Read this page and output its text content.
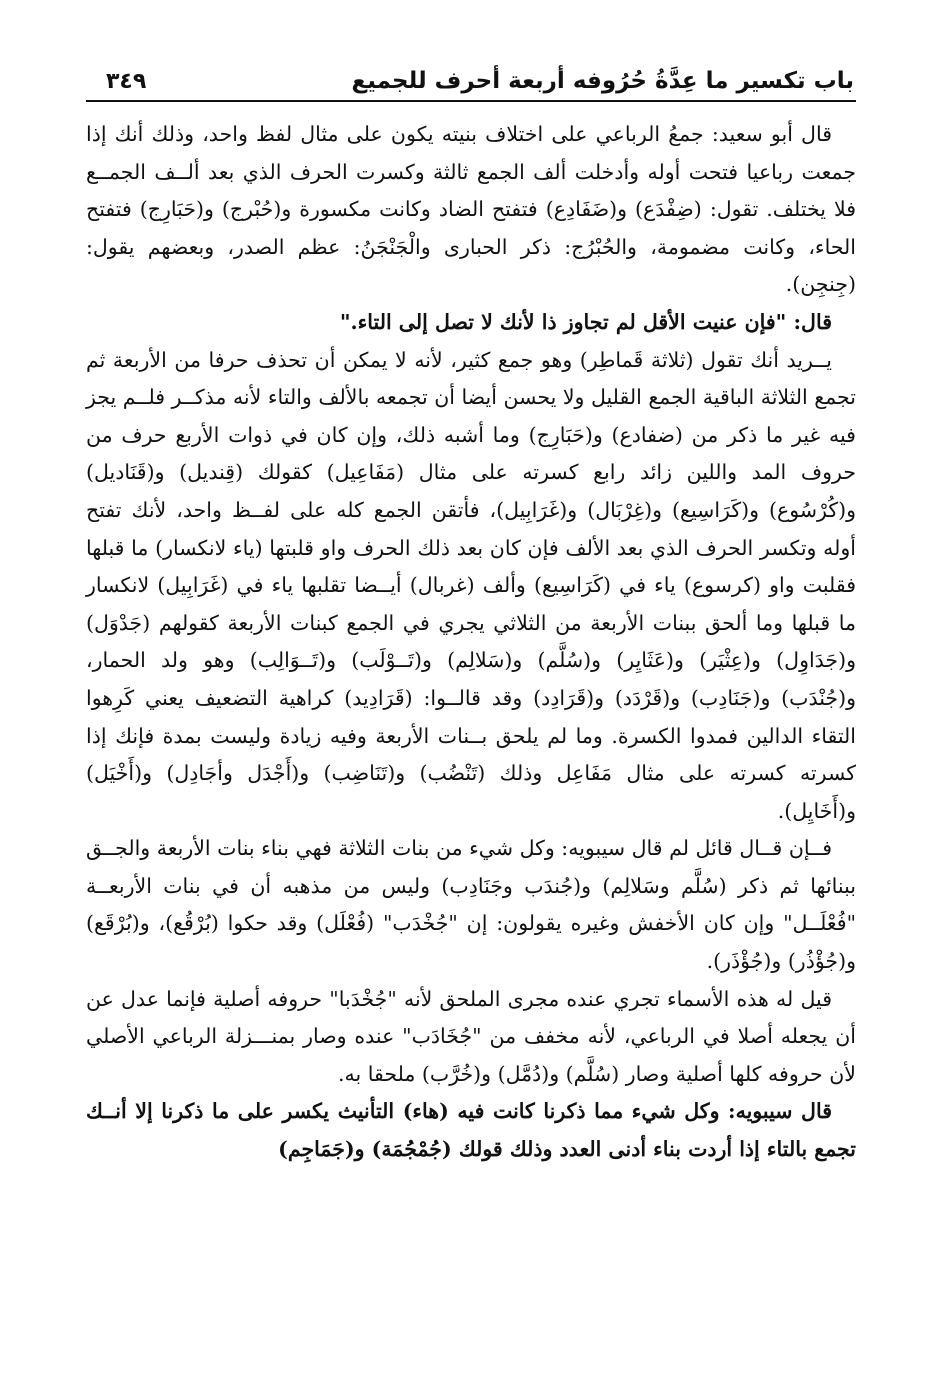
باب تكسير ما عِدَّةُ حُرُوفه أربعة أحرف للجميع
٣٤٩

قال أبو سعيد: جمعُ الرباعي على اختلاف بنيته يكون على مثال لفظ واحد، وذلك أنك إذا جمعت رباعيا فتحت أوله وأدخلت ألف الجمع ثالثة وكسرت الحرف الذي بعد ألــف الجمــع فلا يختلف. تقول: (ضِفْدَع) و(ضَفَادِع) فتفتح الضاد وكانت مكسورة و(حُبْرج) و(حَبَارِج) فتفتح الحاء، وكانت مضمومة، والحُبْرُج: ذكر الحبارى والْجَنْجَنُ: عظم الصدر، وبعضهم يقول: (جِنجِن).

قال: "فإن عنيت الأقل لم تجاوز ذا لأنك لا تصل إلى التاء."

يــريد أنك تقول (ثلاثة قَماطِر) وهو جمع كثير، لأنه لا يمكن أن تحذف حرفا من الأربعة ثم تجمع الثلاثة الباقية الجمع القليل ولا يحسن أيضا أن تجمعه بالألف والتاء لأنه مذكــر فلــم يجز فيه غير ما ذكر من (ضفادع) و(حَبَارِج) وما أشبه ذلك، وإن كان في ذوات الأربع حرف من حروف المد واللين زائد رابع كسرته على مثال (مَفَاعِيل) كقولك (قِنديل) و(قَنَاديل) و(كُرْسُوع) و(كَرَاسِيع) و(غِرْبَال) و(غَرَابِيل)، فأتقن الجمع كله على لفــظ واحد، لأنك تفتح أوله وتكسر الحرف الذي بعد الألف فإن كان بعد ذلك الحرف واو قلبتها (ياء لانكسار) ما قبلها فقلبت واو (كرسوع) ياء في (كَرَاسِيع) وألف (غربال) أيــضا تقلبها ياء في (غَرَابِيل) لانكسار ما قبلها وما ألحق ببنات الأربعة من الثلاثي يجري في الجمع كبنات الأربعة كقولهم (جَدْوَل) و(جَدَاوِل) و(عِثْيَر) و(عَثَايِر) و(سُلَّم) و(سَلالِم) و(تَــوْلَب) و(تَــوَالِب) وهو ولد الحمار، و(جُنْدَب) و(جَنَادِب) و(قَرْدَد) و(قَرَادِد) وقد قالــوا: (قَرَادِيد) كراهية التضعيف يعني كَرِهوا التقاء الدالين فمدوا الكسرة. وما لم يلحق بــنات الأربعة وفيه زيادة وليست بمدة فإنك إذا كسرته كسرته على مثال مَفَاعِل وذلك (تَنْضُب) و(تَنَاضِب) و(أَجْدَل وأجَادِل) و(أَخْيَل) و(أَخَايِل).

فــإن قــال قائل لم قال سيبويه: وكل شيء من بنات الثلاثة فهي بناء بنات الأربعة والجــق ببنائها ثم ذكر (سُلَّم وسَلالِم) و(جُندَب وجَنَادِب) وليس من مذهبه أن في بنات الأربعــة "فُعْلَــل" وإن كان الأخفش وغيره يقولون: إن "جُخْدَب" (فُعْلَل) وقد حكوا (بُرْقُع)، و(بُرْقَع) و(جُؤْذُر) و(جُؤْذَر).

قيل له هذه الأسماء تجري عنده مجرى الملحق لأنه "جُخْدَبا" حروفه أصلية فإنما عدل عن أن يجعله أصلا في الرباعي، لأنه مخفف من "جُخَادَب" عنده وصار بمنـــزلة الرباعي الأصلي لأن حروفه كلها أصلية وصار (سُلَّم) و(دُمَّل) و(خُرَّب) ملحقا به.

قال سيبويه: وكل شيء مما ذكرنا كانت فيه (هاء) التأنيث يكسر على ما ذكرنا إلا أنــك تجمع بالتاء إذا أردت بناء أدنى العدد وذلك قولك (جُمْجُمَة) و(جَمَاجِم)
